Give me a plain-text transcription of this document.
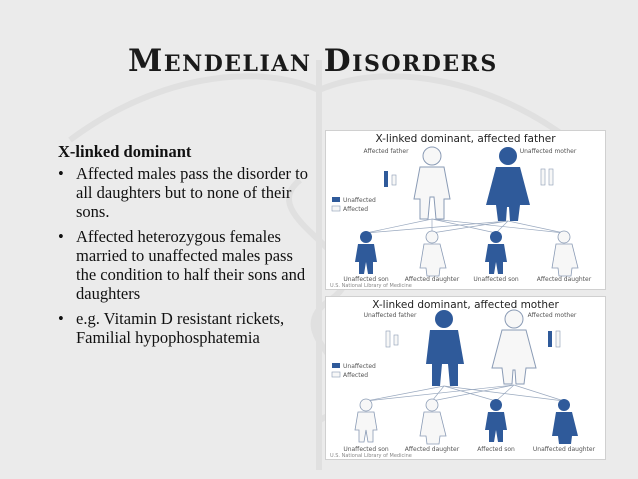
Mendelian Disorders
X-linked dominant
• Affected males pass the disorder to all daughters but to none of their sons.
• Affected heterozygous females married to unaffected males pass the condition to half their sons and daughters
• e.g. Vitamin D resistant rickets, Familial hypophosphatemia
Unaffected
Affected
Unaffected son	Affected daughter Unaffected son	Affected daughter
Affected father	Unaffected mother
U.S. National Library of Medicine
X-linked dominant, affected father
Unaffected
Affected
Unaffected son	Affected daughter	Affected son	Unaffected daughter
Unaffected father	Affected mother
U.S. National Library of Medicine
X-linked dominant, affected mother
